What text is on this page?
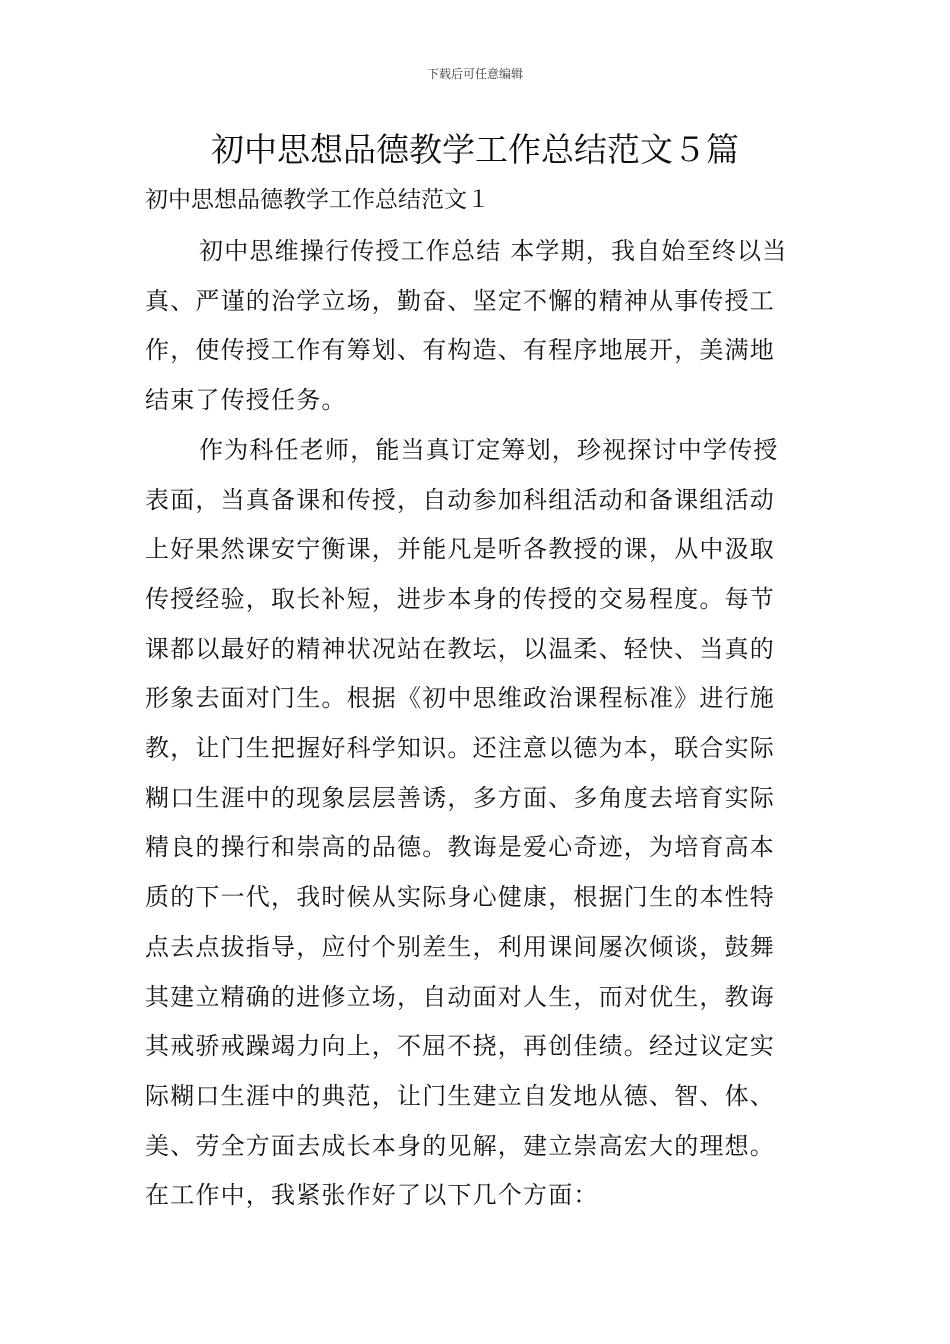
下载后可任意编辑
初中思想品德教学工作总结范文５篇
初中思想品德教学工作总结范文１

初中思维操行传授工作总结 本学期，我自始至终以当
真、严谨的治学立场，勤奋、坚定不懈的精神从事传授工
作，使传授工作有筹划、有构造、有程序地展开，美满地
结束了传授任务。

作为科任老师，能当真订定筹划，珍视探讨中学传授
表面，当真备课和传授，自动参加科组活动和备课组活动
上好果然课安宁衡课，并能凡是听各教授的课，从中汲取
传授经验，取长补短，进步本身的传授的交易程度。每节
课都以最好的精神状况站在教坛，以温柔、轻快、当真的
形象去面对门生。根据《初中思维政治课程标准》进行施
教，让门生把握好科学知识。还注意以德为本，联合实际
糊口生涯中的现象层层善诱，多方面、多角度去培育实际
精良的操行和崇高的品德。教诲是爱心奇迹，为培育高本
质的下一代，我时候从实际身心健康，根据门生的本性特
点去点拔指导，应付个别差生，利用课间屡次倾谈，鼓舞
其建立精确的进修立场，自动面对人生，而对优生，教诲
其戒骄戒躁竭力向上，不屈不挠，再创佳绩。经过议定实
际糊口生涯中的典范，让门生建立自发地从德、智、体、
美、劳全方面去成长本身的见解，建立崇高宏大的理想。
在工作中，我紧张作好了以下几个方面：
